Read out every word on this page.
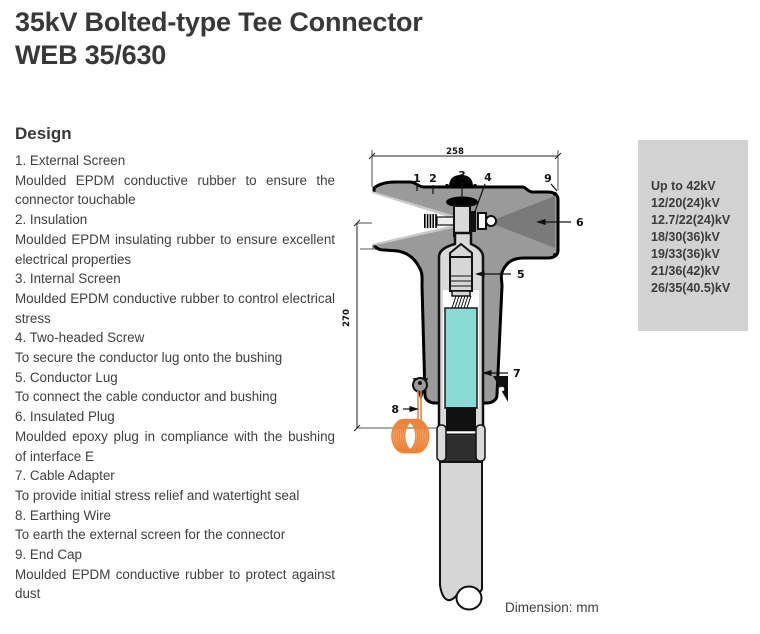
35kV Bolted-type Tee Connector
WEB 35/630
Design
1. External Screen
Moulded EPDM conductive rubber to ensure the connector touchable
2. Insulation
Moulded EPDM insulating rubber to ensure excellent electrical properties
3. Internal Screen
Moulded EPDM conductive rubber to control electrical stress
4. Two-headed Screw
To secure the conductor lug onto the bushing
5. Conductor Lug
To connect the cable conductor and bushing
6. Insulated Plug
Moulded epoxy plug in compliance with the bushing of interface E
7. Cable Adapter
To provide initial stress relief and watertight seal
8. Earthing Wire
To earth the external screen for the connector
9. End Cap
Moulded EPDM conductive rubber to protect against dust
Up to 42kV
12/20(24)kV
12.7/22(24)kV
18/30(36)kV
19/33(36)kV
21/36(42)kV
26/35(40.5)kV
258
270
1 2 3 4
5
6
7
8
9
Dimension: mm
